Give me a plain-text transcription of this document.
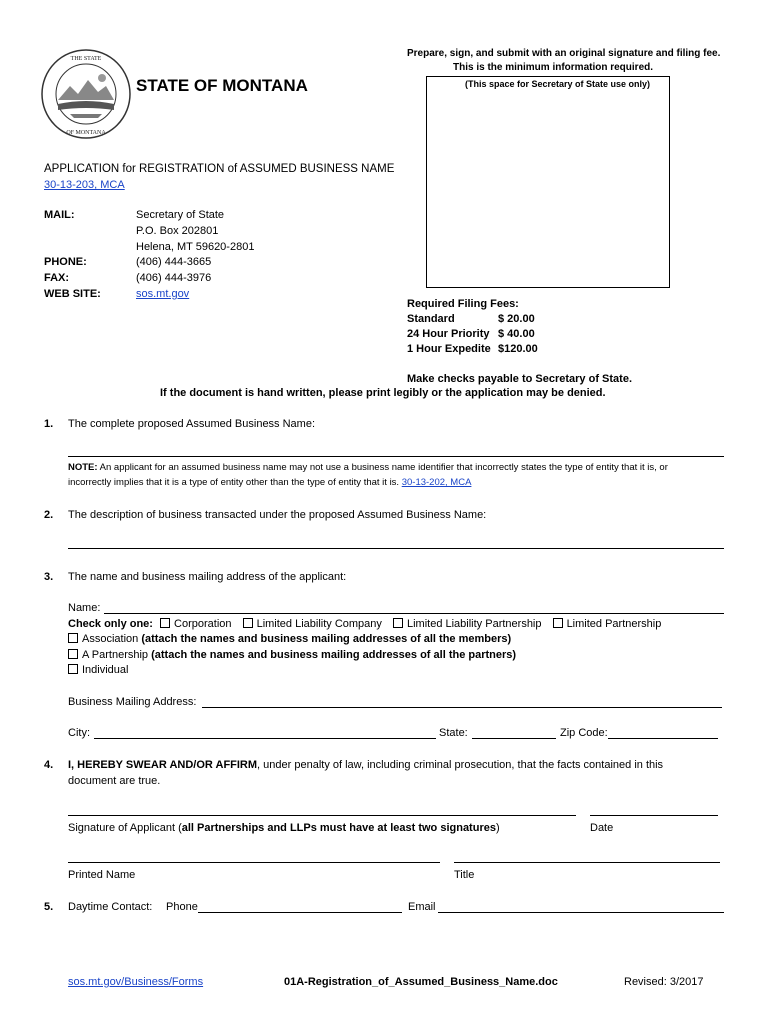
THE STATE
OF MONTANA
STATE OF MONTANA
Prepare, sign, and submit with an original signature and filing fee.
This is the minimum information required.
(This space for Secretary of State use only)
APPLICATION for REGISTRATION of ASSUMED BUSINESS NAME
30-13-203, MCA
MAIL:	Secretary of State
P.O. Box 202801
Helena, MT 59620-2801
PHONE:	(406) 444-3665
FAX:	(406) 444-3976
WEB SITE:	sos.mt.gov
Required Filing Fees:
Standard	$ 20.00
24 Hour Priority $ 40.00
1 Hour Expedite $120.00
Make checks payable to Secretary of State.
If the document is hand written, please print legibly or the application may be denied.
1. The complete proposed Assumed Business Name:
NOTE: An applicant for an assumed business name may not use a business name identifier that incorrectly states the type of entity that it is, or
incorrectly implies that it is a type of entity other than the type of entity that it is. 30-13-202, MCA
2. The description of business transacted under the proposed Assumed Business Name:
3. The name and business mailing address of the applicant:
Name:
Check only one: Corporation Limited Liability Company Limited Liability Partnership Limited Partnership
Association (attach the names and business mailing addresses of all the members)
A Partnership (attach the names and business mailing addresses of all the partners)
Individual
Business Mailing Address:
City:	State:	Zip Code:
4. I, HEREBY SWEAR AND/OR AFFIRM, under penalty of law, including criminal prosecution, that the facts contained in this
document are true.
Signature of Applicant (all Partnerships and LLPs must have at least two signatures)	Date
Printed Name	Title
5. Daytime Contact: Phone	Email
sos.mt.gov/Business/Forms	01A-Registration_of_Assumed_Business_Name.doc	Revised: 3/2017
